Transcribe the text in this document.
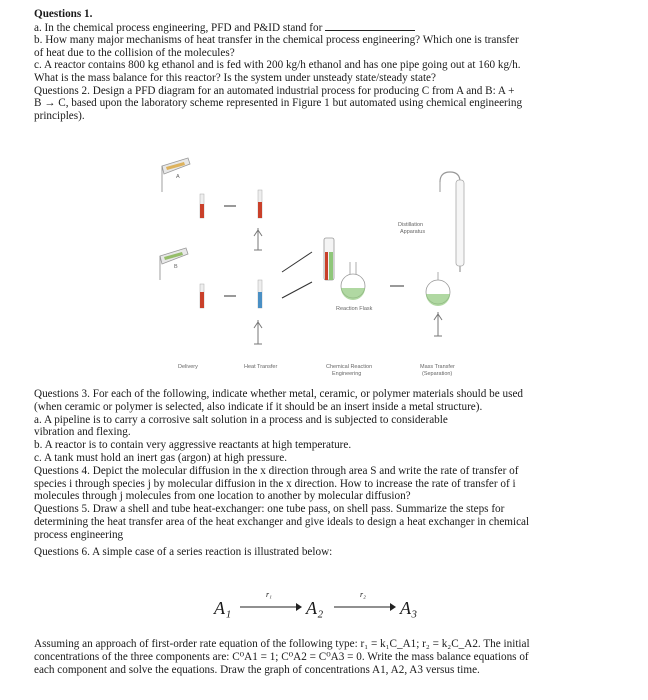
Questions 1.
a. In the chemical process engineering, PFD and P&ID stand for
b. How many major mechanisms of heat transfer in the chemical process engineering? Which one is transfer
of heat due to the collision of the molecules?
c. A reactor contains 800 kg ethanol and is fed with 200 kg/h ethanol and has one pipe going out at 160 kg/h.
What is the mass balance for this reactor? Is the system under unsteady state/steady state?
Questions 2. Design a PFD diagram for an automated industrial process for producing C from A and B: A +
B → C, based upon the laboratory scheme represented in Figure 1 but automated using chemical engineering
principles).
A
B
Distillation
Apparatus
Reaction Flask
Delivery	Heat Transfer	Chemical Reaction
Engineering
Mass Transfer
(Separation)
Questions 3. For each of the following, indicate whether metal, ceramic, or polymer materials should be used
(when ceramic or polymer is selected, also indicate if it should be an insert inside a metal structure).
a. A pipeline is to carry a corrosive salt solution in a process and is subjected to considerable
vibration and flexing.
b. A reactor is to contain very aggressive reactants at high temperature.
c. A tank must hold an inert gas (argon) at high pressure.
Questions 4. Depict the molecular diffusion in the x direction through area S and write the rate of transfer of
species i through species j by molecular diffusion in the x direction. How to increase the rate of transfer of i
molecules through j molecules from one location to another by molecular diffusion?
Questions 5. Draw a shell and tube heat-exchanger: one tube pass, on shell pass. Summarize the steps for
determining the heat transfer area of the heat exchanger and give ideals to design a heat exchanger in chemical
process engineering
Questions 6. A simple case of a series reaction is illustrated below:
A₁
r₁
→ A₂
r₂
→ A₃
Assuming an approach of first-order rate equation of the following type: r₁ = k₁C_A1; r₂ = k₂C_A2. The initial
concentrations of the three components are: C⁰A1 = 1; C⁰A2 = C⁰A3 = 0. Write the mass balance equations of
each component and solve the equations. Draw the graph of concentrations A1, A2, A3 versus time.
